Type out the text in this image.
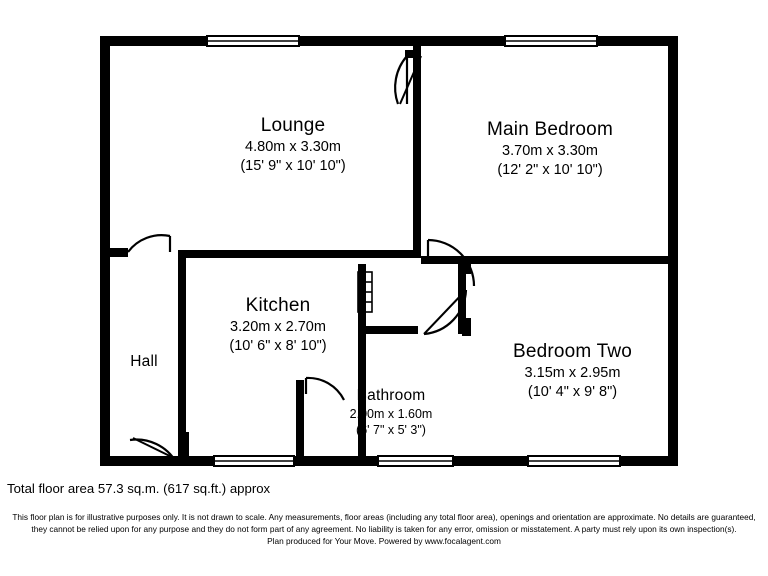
Lounge
4.80m x 3.30m
(15' 9" x 10' 10")
Main Bedroom
3.70m x 3.30m
(12' 2" x 10' 10")
Kitchen
3.20m x 2.70m
(10' 6" x 8' 10")	Bedroom Two
3.15m x 2.95m
(10' 4" x 9' 8")
Bathroom
2.00m x 1.60m
(6' 7" x 5' 3")
Hall
Total floor area 57.3 sq.m. (617 sq.ft.) approx
This floor plan is for illustrative purposes only. It is not drawn to scale. Any measurements, floor areas (including any total floor area), openings and orientation are approximate. No details are guaranteed,
they cannot be relied upon for any purpose and they do not form part of any agreement. No liability is taken for any error, omission or misstatement. A party must rely upon its own inspection(s).
Plan produced for Your Move. Powered by www.focalagent.com
